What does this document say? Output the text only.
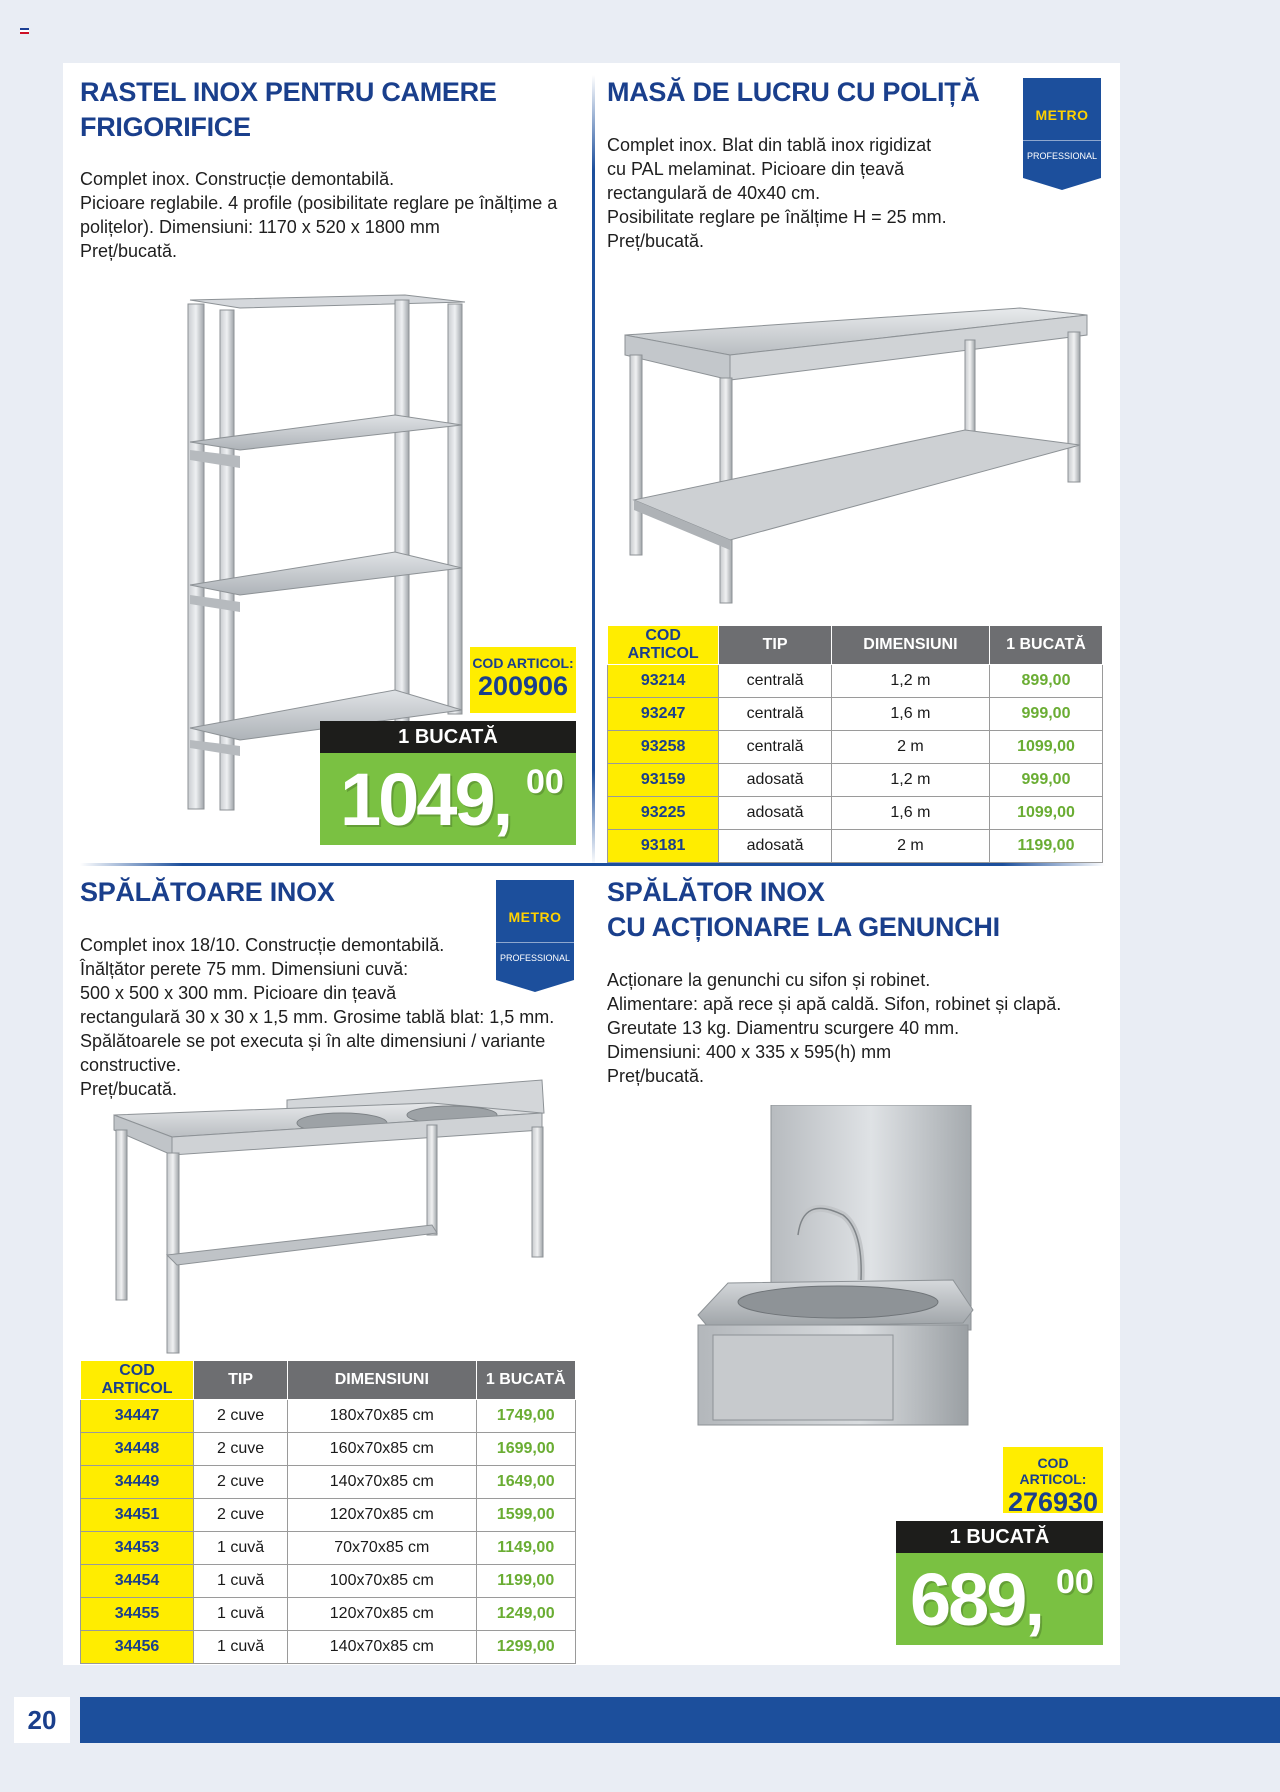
RASTEL INOX PENTRU CAMERE
FRIGORIFICE
Complet inox. Construcție demontabilă.
Picioare reglabile. 4 profile (posibilitate reglare pe înălțime a
polițelor). Dimensiuni: 1170 x 520 x 1800 mm
Preț/bucată.
COD ARTICOL:
200906
1 BUCATĂ
1049, 00
MASĂ DE LUCRU CU POLIȚĂ
METRO
PROFESSIONAL
Complet inox. Blat din tablă inox rigidizat
cu PAL melaminat. Picioare din țeavă
rectangulară de 40x40 cm.
Posibilitate reglare pe înălțime H = 25 mm.
Preț/bucată.
COD ARTICOL	TIP	DIMENSIUNI	1 BUCATĂ
93214	centrală	1,2 m	899,00
93247	centrală	1,6 m	999,00
93258	centrală	2 m	1099,00
93159	adosată	1,2 m	999,00
93225	adosată	1,6 m	1099,00
93181	adosată	2 m	1199,00
SPĂLĂTOARE INOX
METRO
PROFESSIONAL
Complet inox 18/10. Construcție demontabilă.
Înălțător perete 75 mm. Dimensiuni cuvă:
500 x 500 x 300 mm. Picioare din țeavă
rectangulară 30 x 30 x 1,5 mm. Grosime tablă blat: 1,5 mm.
Spălătoarele se pot executa și în alte dimensiuni / variante
constructive.
Preț/bucată.
COD ARTICOL	TIP	DIMENSIUNI	1 BUCATĂ
34447	2 cuve	180x70x85 cm	1749,00
34448	2 cuve	160x70x85 cm	1699,00
34449	2 cuve	140x70x85 cm	1649,00
34451	2 cuve	120x70x85 cm	1599,00
34453	1 cuvă	70x70x85 cm	1149,00
34454	1 cuvă	100x70x85 cm	1199,00
34455	1 cuvă	120x70x85 cm	1249,00
34456	1 cuvă	140x70x85 cm	1299,00
SPĂLĂTOR INOX
CU ACȚIONARE LA GENUNCHI
Acționare la genunchi cu sifon și robinet.
Alimentare: apă rece și apă caldă. Sifon, robinet și clapă.
Greutate 13 kg. Diamentru scurgere 40 mm.
Dimensiuni: 400 x 335 x 595(h) mm
Preț/bucată.
COD ARTICOL:
276930
1 BUCATĂ
689, 00
20
